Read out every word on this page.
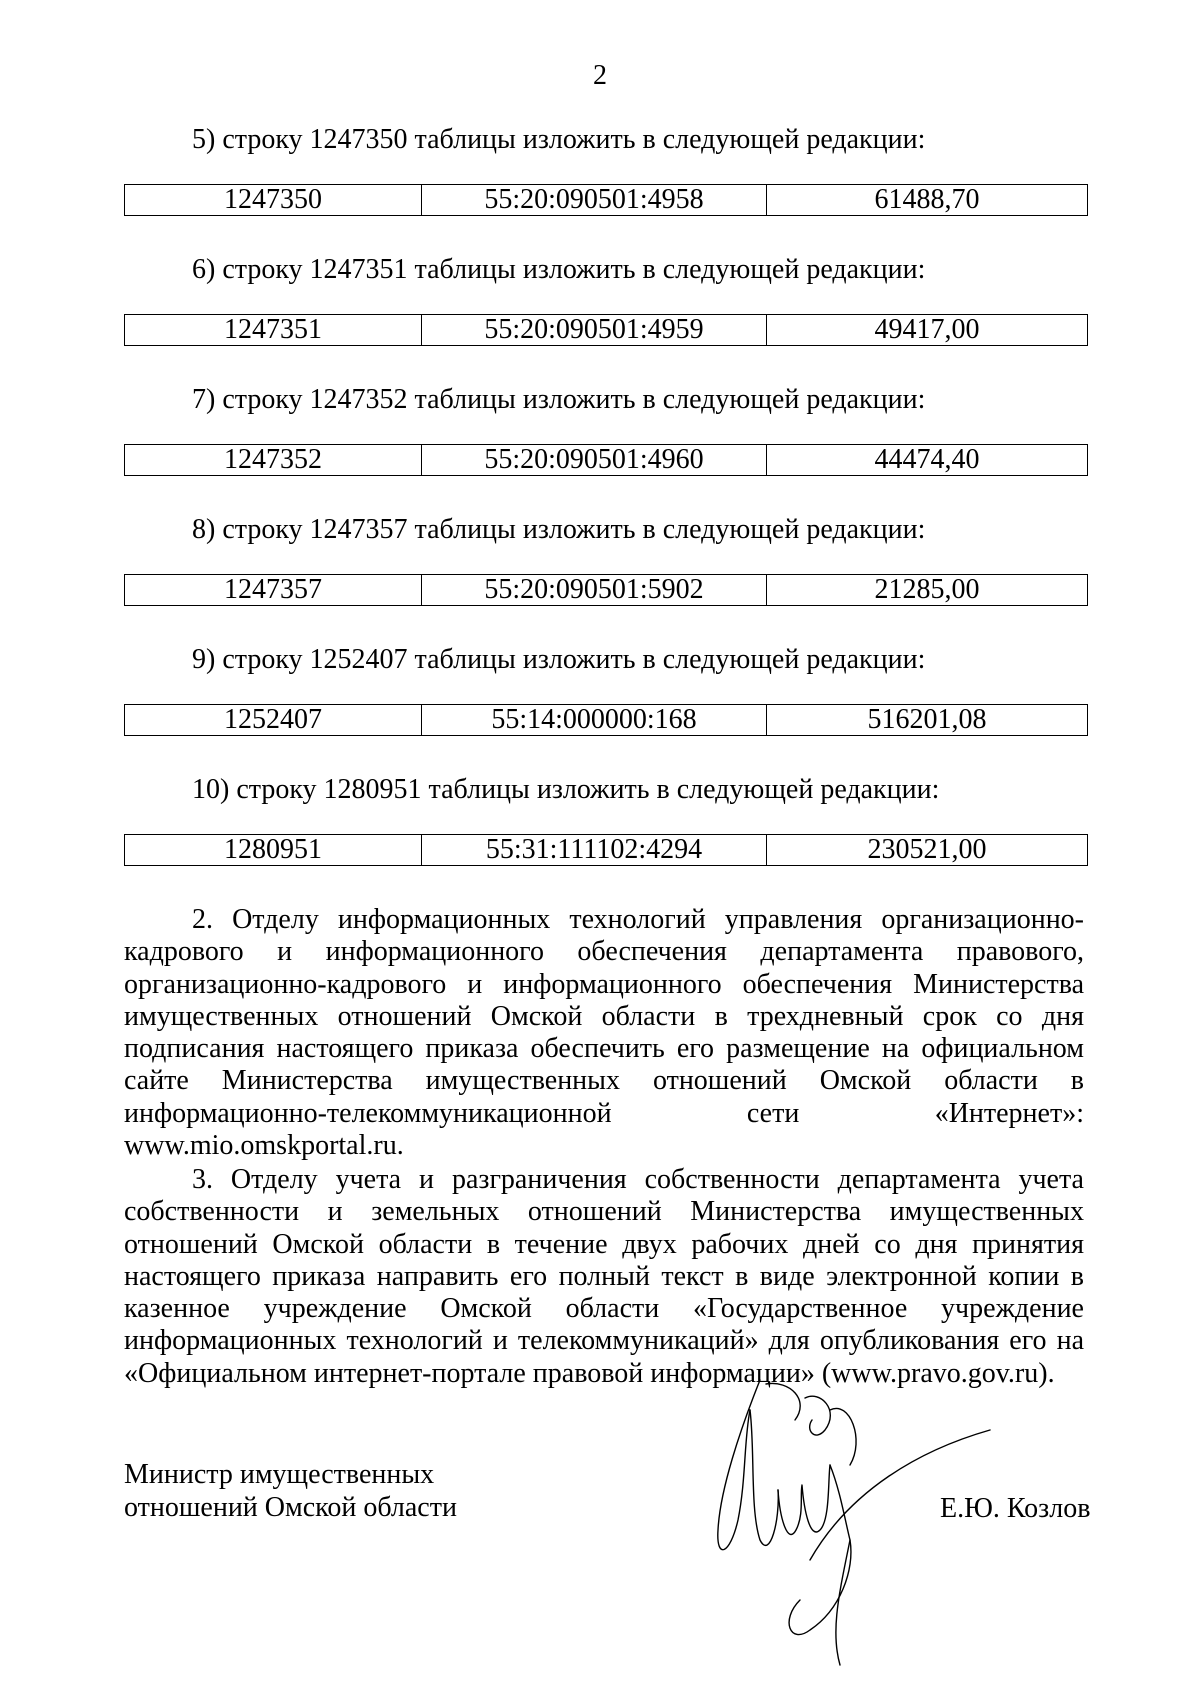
2

5) строку 1247350 таблицы изложить в следующей редакции:

1247350	55:20:090501:4958	61488,70

6) строку 1247351 таблицы изложить в следующей редакции:

1247351	55:20:090501:4959	49417,00

7) строку 1247352 таблицы изложить в следующей редакции:

1247352	55:20:090501:4960	44474,40

8) строку 1247357 таблицы изложить в следующей редакции:

1247357	55:20:090501:5902	21285,00

9) строку 1252407 таблицы изложить в следующей редакции:

1252407	55:14:000000:168	516201,08

10) строку 1280951 таблицы изложить в следующей редакции:

1280951	55:31:111102:4294	230521,00

2. Отделу информационных технологий управления организационно-кадрового и информационного обеспечения департамента правового, организационно-кадрового и информационного обеспечения Министерства имущественных отношений Омской области в трехдневный срок со дня подписания настоящего приказа обеспечить его размещение на официальном сайте Министерства имущественных отношений Омской области в информационно-телекоммуникационной сети «Интернет»: www.mio.omskportal.ru.

3. Отделу учета и разграничения собственности департамента учета собственности и земельных отношений Министерства имущественных отношений Омской области в течение двух рабочих дней со дня принятия настоящего приказа направить его полный текст в виде электронной копии в казенное учреждение Омской области «Государственное учреждение информационных технологий и телекоммуникаций» для опубликования его на «Официальном интернет-портале правовой информации» (www.pravo.gov.ru).

Министр имущественных
отношений Омской области	Е.Ю. Козлов
